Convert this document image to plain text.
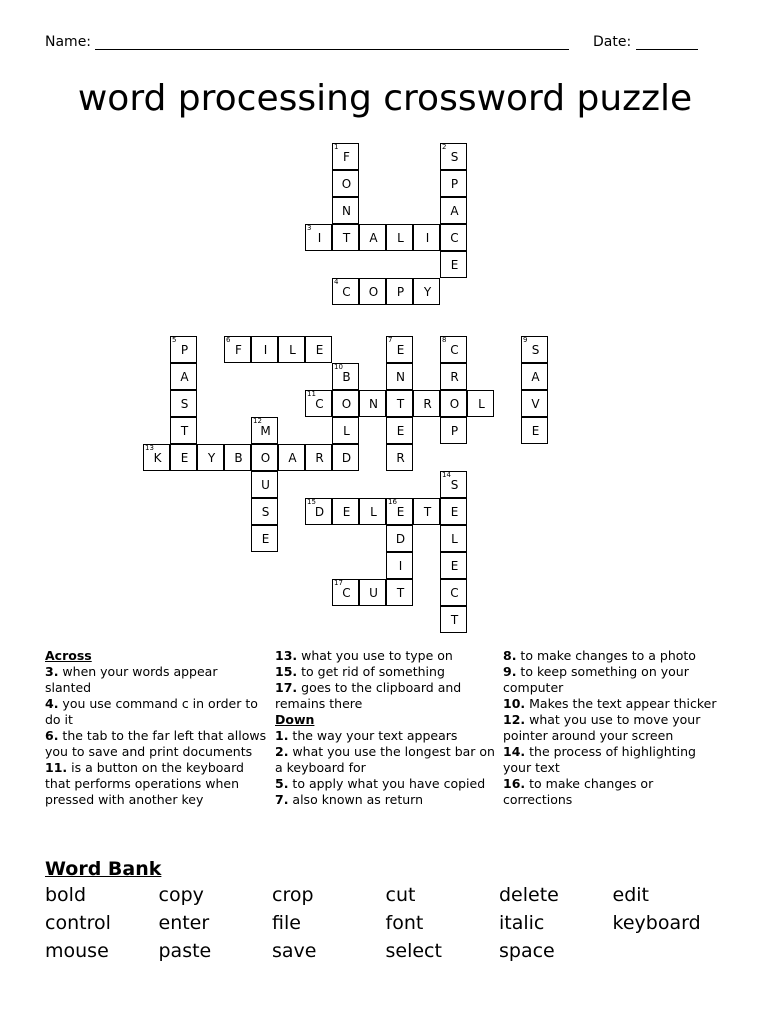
Name:	Date:
word processing crossword puzzle
1
F
2
S
O	P
N	A
3
I	T	A	L	I	C
E
4
C	O	P	Y
5
P
6
F	I	L	E
7
E
8
C
9
S
A
10
B	N	R	A
S
11
C	O	N	T	R	O	L	V
T
12
M	L	E	P	E
13
K	E	Y	B	O	A	R	D	R
U
14
S
S
15
D	E	L
16
E	T	E
E	D	L
I	E
17
C	U	T	C
T
Across
3. when your words appear slanted
4. you use command c in order to do it
6. the tab to the far left that allows you to save and print documents
11. is a button on the keyboard that performs operations when pressed with another key
13. what you use to type on
15. to get rid of something
17. goes to the clipboard and remains there
Down
1. the way your text appears
2. what you use the longest bar on a keyboard for
5. to apply what you have copied
7. also known as return
8. to make changes to a photo
9. to keep something on your computer
10. Makes the text appear thicker
12. what you use to move your pointer around your screen
14. the process of highlighting your text
16. to make changes or corrections
Word Bank
bold	copy	crop	cut	delete	edit
control	enter	file	font	italic	keyboard
mouse	paste	save	select	space
